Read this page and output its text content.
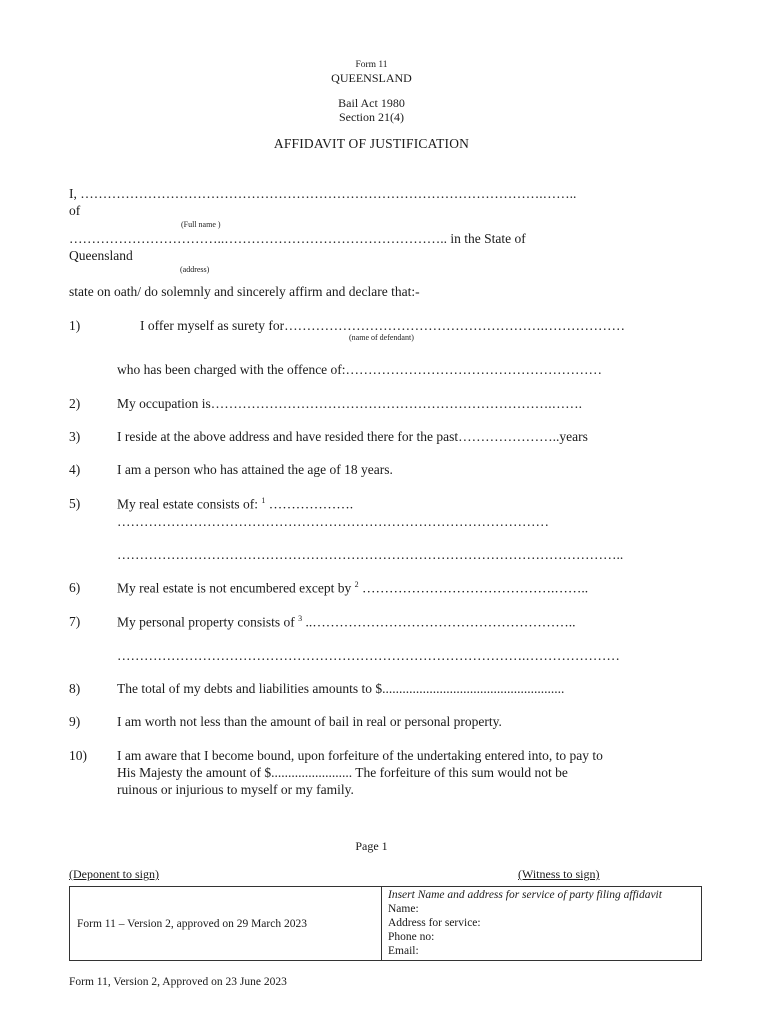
Form 11
QUEENSLAND
Bail Act 1980
Section 21(4)
AFFIDAVIT OF JUSTIFICATION
I, ………………………………………………………………………………………….……..
of
(Full name )
……………………………..………………………………………….. in the State of
Queensland
(address)
state on oath/ do solemnly and sincerely affirm and declare that:-
1)	I offer myself as surety for………………………………………………….………………
(name of defendant)
who has been charged with the offence of:…………………………………………………
2)	My occupation is………………………………………………………………….…….
3)	I reside at the above address and have resided there for the past…………………..years
4)	I am a person who has attained the age of 18 years.
5)	My real estate consists of: $^1$ ……………….
……………………………………………………………………………………
…………………………………………………………………………………………………..
6)	My real estate is not encumbered except by $^2$ …………………………………….……..
7)	My personal property consists of $^3$ ..…………………………………………………..
……………………………………………………………………………….…………………
8)	The total of my debts and liabilities amounts to $......................................................
9)	I am worth not less than the amount of bail in real or personal property.
10) I am aware that I become bound, upon forfeiture of the undertaking entered into, to pay to
His Majesty the amount of $........................ The forfeiture of this sum would not be
ruinous or injurious to myself or my family.
Page 1
(Deponent to sign)	(Witness to sign)
Form 11 – Version 2, approved on 29 March 2023	
Insert Name and address for service of party filing affidavit
Name:
Address for service:
Phone no:
Email:
Form 11, Version 2, Approved on 23 June 2023
